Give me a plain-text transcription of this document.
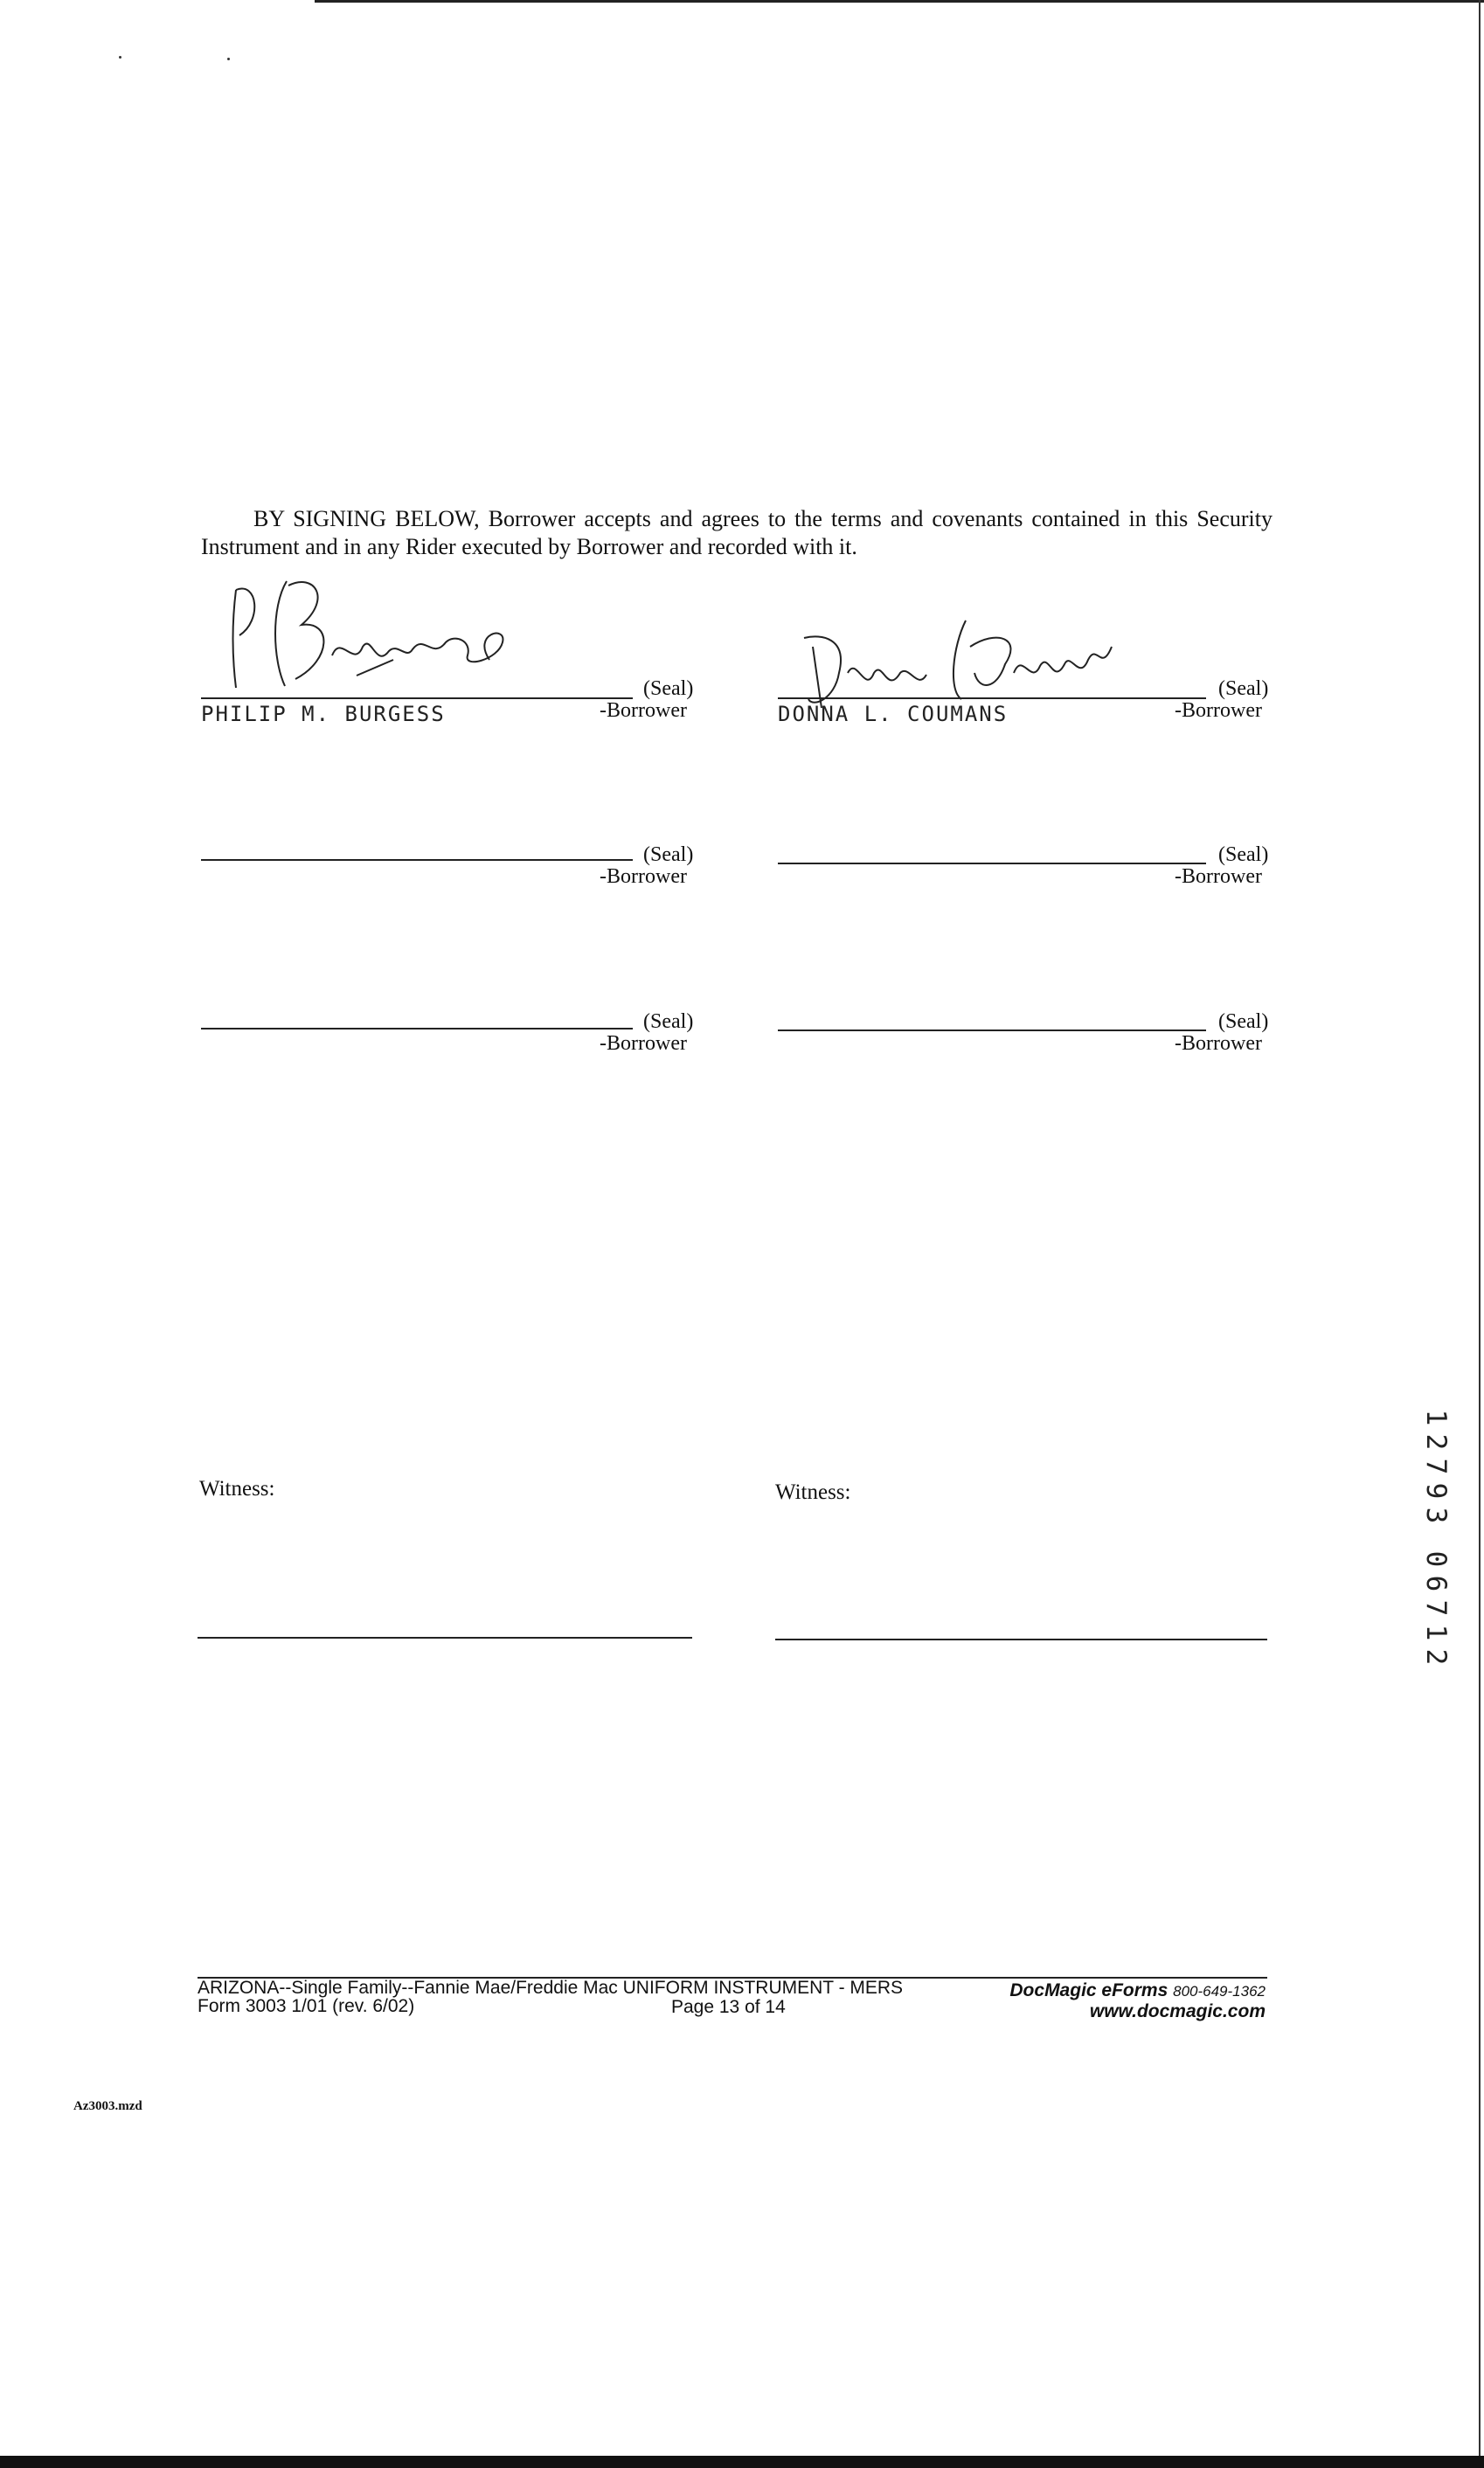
BY SIGNING BELOW, Borrower accepts and agrees to the terms and covenants contained in this Security Instrument and in any Rider executed by Borrower and recorded with it.

(Seal)
PHILIP M. BURGESS	-Borrower
(Seal)
DONNA L. COUMANS	-Borrower
(Seal)
-Borrower
(Seal)
-Borrower
(Seal)
-Borrower
(Seal)
-Borrower
Witness:	Witness:
1
2
7
9
3
0
6
7
1
2
ARIZONA--Single Family--Fannie Mae/Freddie Mac UNIFORM INSTRUMENT - MERS
Form 3003 1/01 (rev. 6/02)	Page 13 of 14
DocMagic eForms 800-649-1362
www.docmagic.com
Az3003.mzd
